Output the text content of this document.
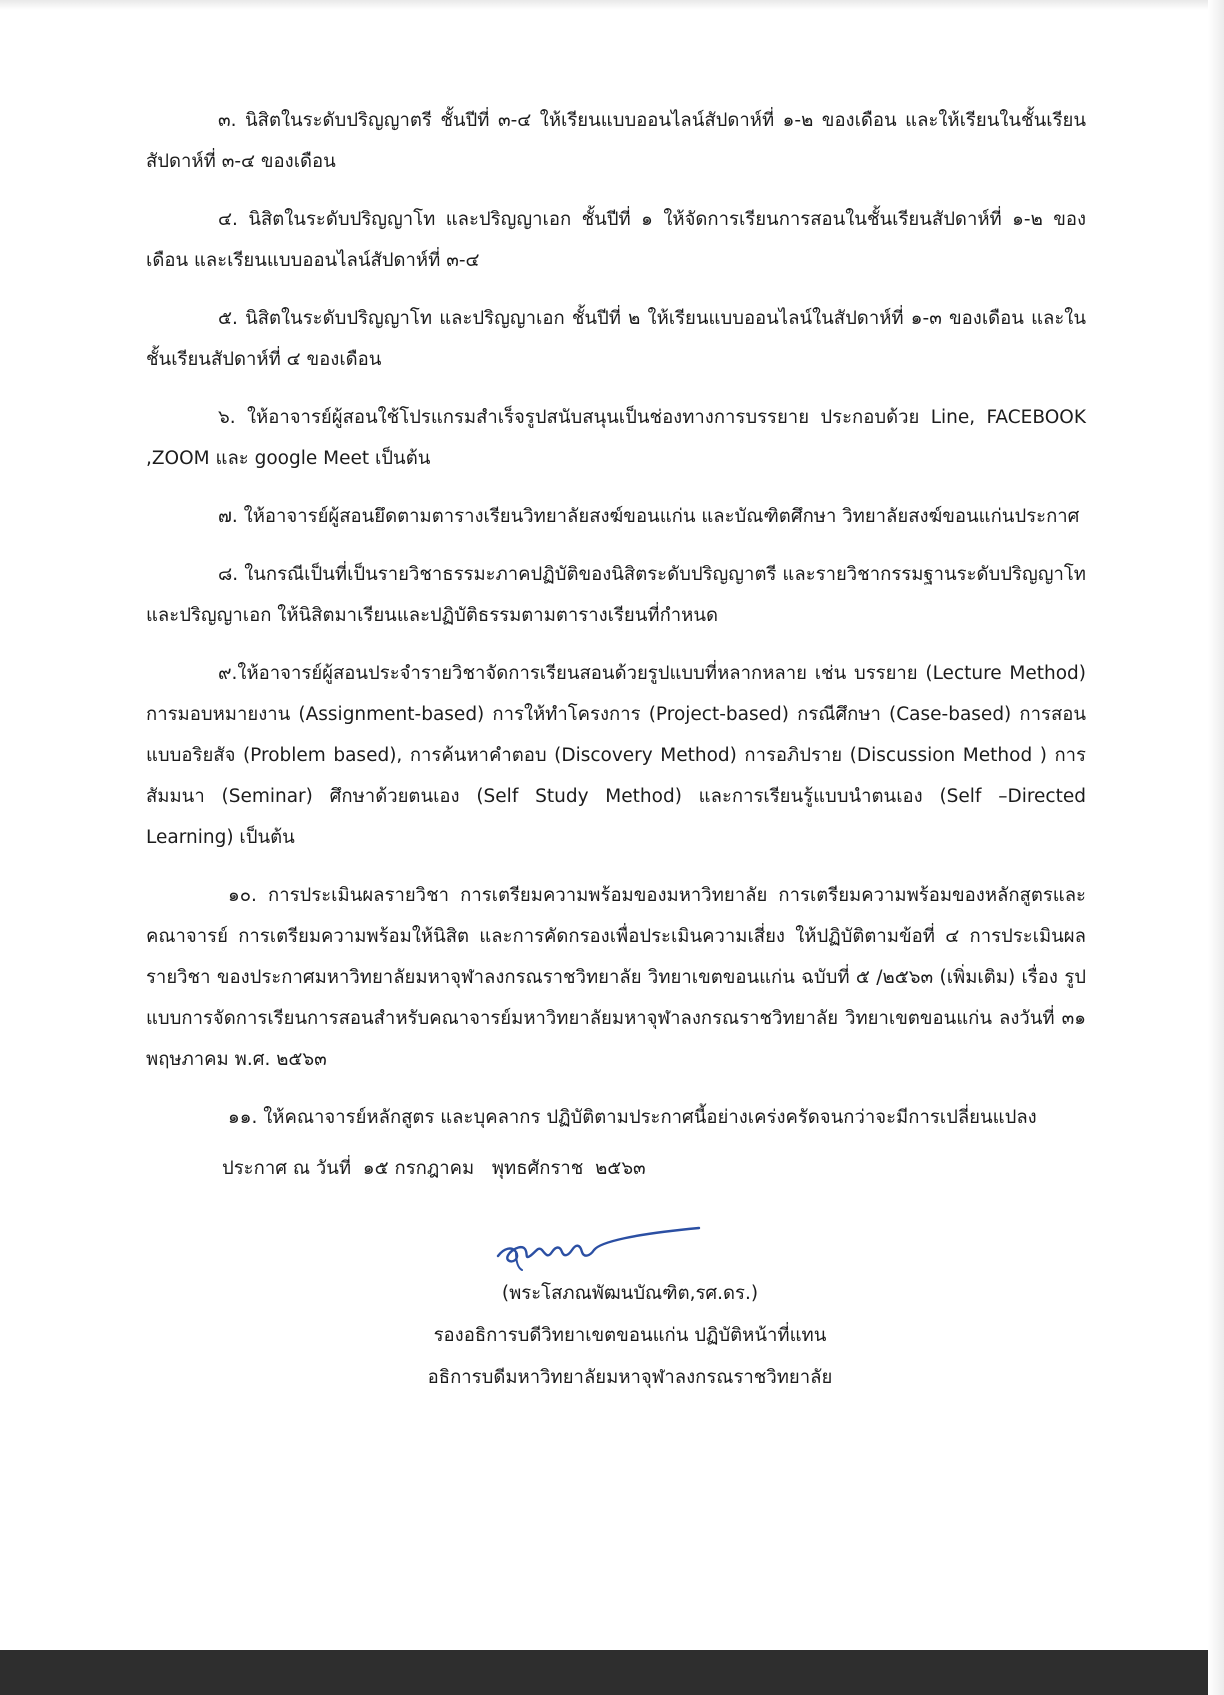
๓. นิสิตในระดับปริญญาตรี ชั้นปีที่ ๓-๔ ให้เรียนแบบออนไลน์สัปดาห์ที่ ๑-๒ ของเดือน และให้เรียนในชั้นเรียนสัปดาห์ที่ ๓-๔ ของเดือน

๔. นิสิตในระดับปริญญาโท และปริญญาเอก ชั้นปีที่ ๑ ให้จัดการเรียนการสอนในชั้นเรียนสัปดาห์ที่ ๑-๒ ของเดือน และเรียนแบบออนไลน์สัปดาห์ที่ ๓-๔

๕. นิสิตในระดับปริญญาโท และปริญญาเอก ชั้นปีที่ ๒ ให้เรียนแบบออนไลน์ในสัปดาห์ที่ ๑-๓ ของเดือน และในชั้นเรียนสัปดาห์ที่ ๔ ของเดือน

๖. ให้อาจารย์ผู้สอนใช้โปรแกรมสำเร็จรูปสนับสนุนเป็นช่องทางการบรรยาย ประกอบด้วย Line, FACEBOOK ,ZOOM และ google Meet เป็นต้น

๗. ให้อาจารย์ผู้สอนยึดตามตารางเรียนวิทยาลัยสงฆ์ขอนแก่น และบัณฑิตศึกษา วิทยาลัยสงฆ์ขอนแก่นประกาศ

๘. ในกรณีเป็นที่เป็นรายวิชาธรรมะภาคปฏิบัติของนิสิตระดับปริญญาตรี และรายวิชากรรมฐานระดับปริญญาโทและปริญญาเอก ให้นิสิตมาเรียนและปฏิบัติธรรมตามตารางเรียนที่กำหนด

๙.ให้อาจารย์ผู้สอนประจำรายวิชาจัดการเรียนสอนด้วยรูปแบบที่หลากหลาย เช่น บรรยาย (Lecture Method) การมอบหมายงาน (Assignment-based) การให้ทำโครงการ (Project-based) กรณีศึกษา (Case-based) การสอนแบบอริยสัจ (Problem based), การค้นหาคำตอบ (Discovery Method) การอภิปราย (Discussion Method ) การสัมมนา (Seminar) ศึกษาด้วยตนเอง (Self Study Method) และการเรียนรู้แบบนำตนเอง (Self –Directed Learning) เป็นต้น

๑๐. การประเมินผลรายวิชา การเตรียมความพร้อมของมหาวิทยาลัย การเตรียมความพร้อมของหลักสูตรและคณาจารย์ การเตรียมความพร้อมให้นิสิต และการคัดกรองเพื่อประเมินความเสี่ยง ให้ปฏิบัติตามข้อที่ ๔ การประเมินผลรายวิชา ของประกาศมหาวิทยาลัยมหาจุฬาลงกรณราชวิทยาลัย วิทยาเขตขอนแก่น ฉบับที่ ๕ /๒๕๖๓ (เพิ่มเติม) เรื่อง รูปแบบการจัดการเรียนการสอนสำหรับคณาจารย์มหาวิทยาลัยมหาจุฬาลงกรณราชวิทยาลัย วิทยาเขตขอนแก่น ลงวันที่ ๓๑ พฤษภาคม พ.ศ. ๒๕๖๓

๑๑. ให้คณาจารย์หลักสูตร และบุคลากร ปฏิบัติตามประกาศนี้อย่างเคร่งครัดจนกว่าจะมีการเปลี่ยนแปลง

ประกาศ ณ วันที่  ๑๕ กรกฎาคม   พุทธศักราช  ๒๕๖๓

(พระโสภณพัฒนบัณฑิต,รศ.ดร.)

รองอธิการบดีวิทยาเขตขอนแก่น ปฏิบัติหน้าที่แทน

อธิการบดีมหาวิทยาลัยมหาจุฬาลงกรณราชวิทยาลัย
